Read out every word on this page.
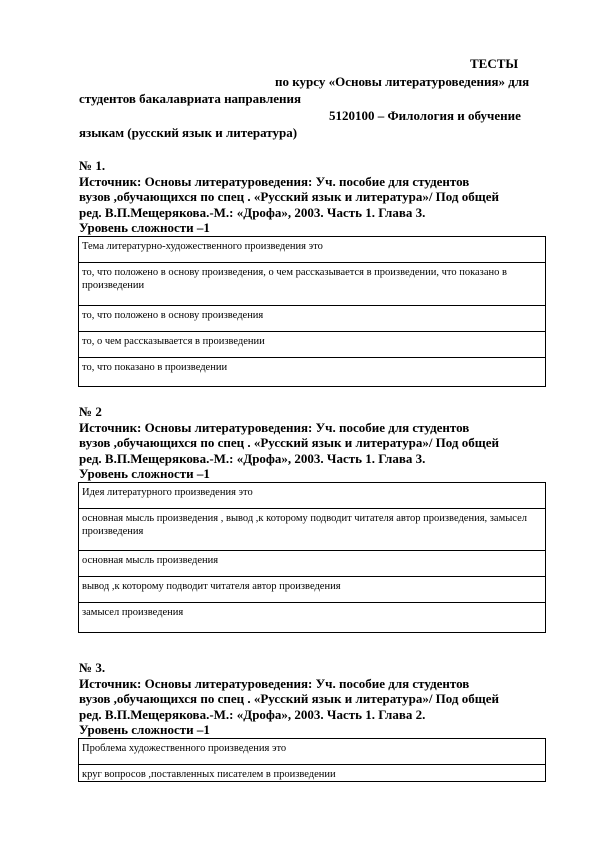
ТЕСТЫ
по курсу «Основы литературоведения» для
студентов бакалавриата направления
5120100 – Филология и обучение
языкам (русский язык и литература)
№ 1.
Источник: Основы литературоведения: Уч. пособие для студентов
вузов ,обучающихся по спец . «Русский язык и литература»/ Под общей
ред. В.П.Мещерякова.-М.: «Дрофа», 2003. Часть 1. Глава 3.
Уровень сложности –1
Тема литературно-художественного произведения это
то, что положено в основу произведения, о чем рассказывается в произведении, что показано в произведении
то, что положено в основу произведения
то, о чем рассказывается в произведении
то, что показано в произведении
№ 2
Источник: Основы литературоведения: Уч. пособие для студентов
вузов ,обучающихся по спец . «Русский язык и литература»/ Под общей
ред. В.П.Мещерякова.-М.: «Дрофа», 2003. Часть 1. Глава 3.
Уровень сложности –1
Идея литературного произведения это
основная мысль произведения , вывод ,к которому подводит читателя автор произведения, замысел произведения
основная мысль произведения
вывод ,к которому подводит читателя автор произведения
замысел произведения
№ 3.
Источник: Основы литературоведения: Уч. пособие для студентов
вузов ,обучающихся по спец . «Русский язык и литература»/ Под общей
ред. В.П.Мещерякова.-М.: «Дрофа», 2003. Часть 1. Глава 2.
Уровень сложности –1
Проблема художественного произведения это
круг вопросов ,поставленных писателем в произведении
